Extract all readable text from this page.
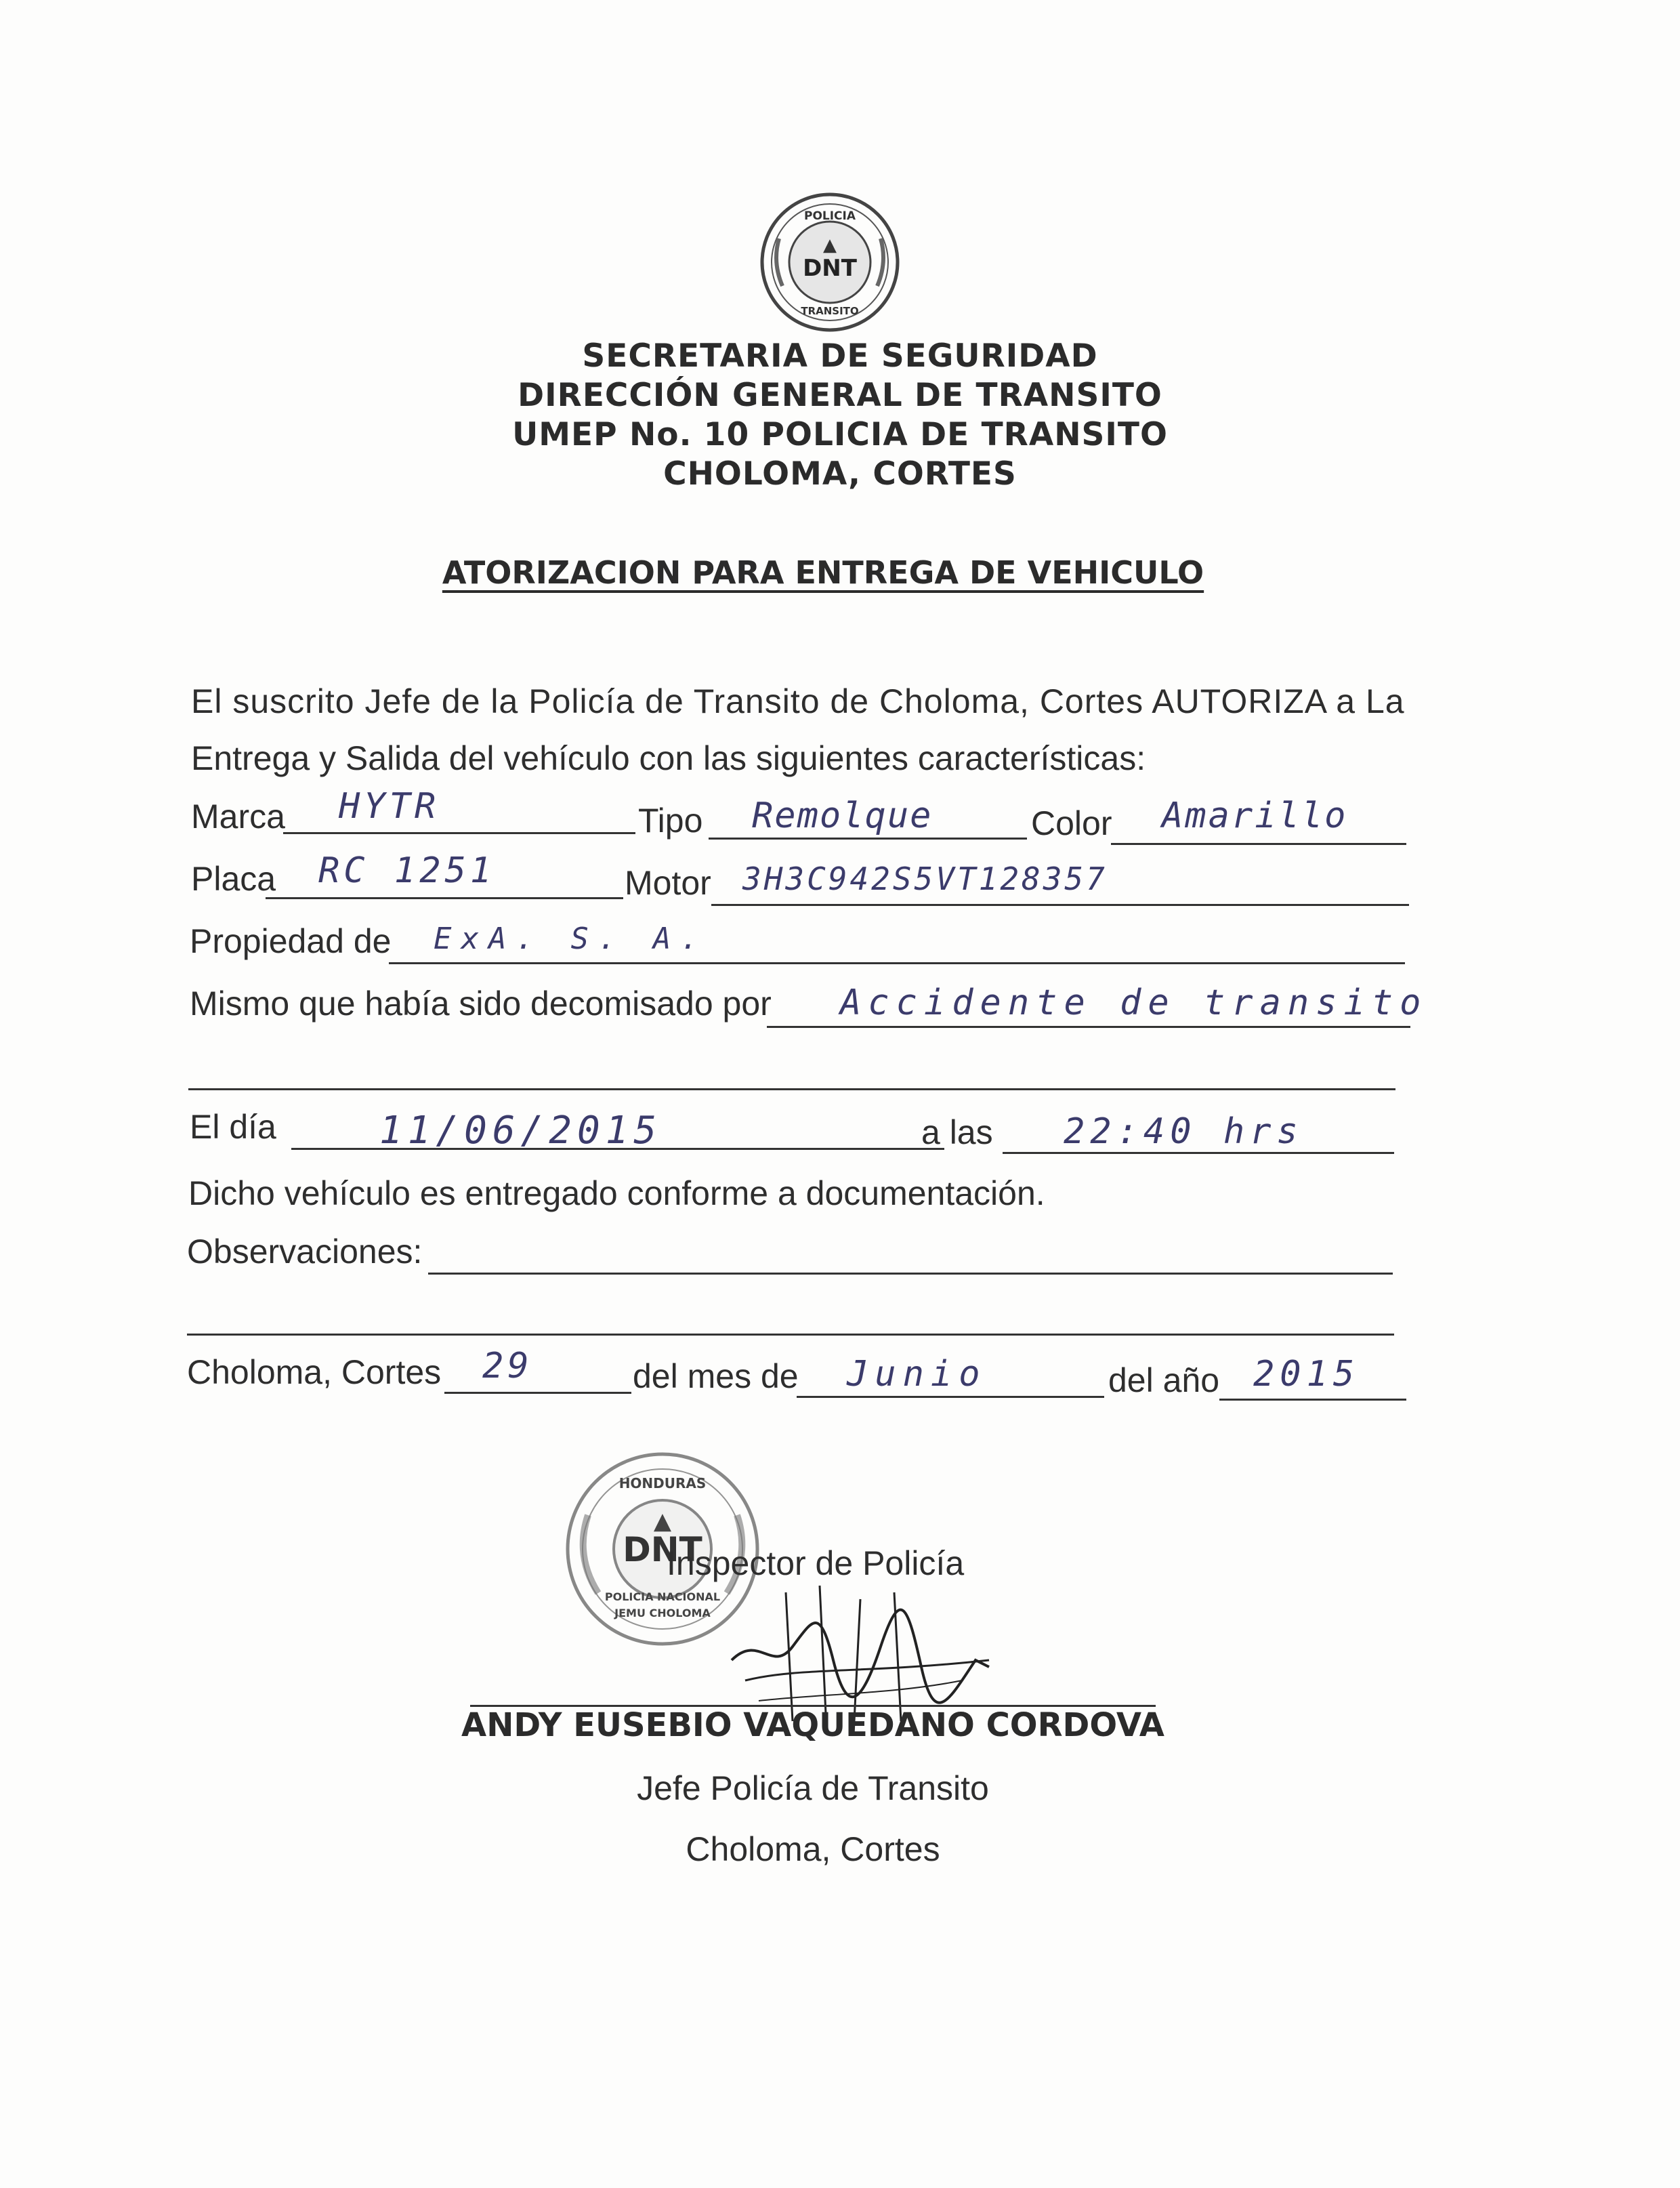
POLICIA
▲
DNT
TRANSITO
SECRETARIA DE SEGURIDAD
DIRECCIÓN GENERAL DE TRANSITO
UMEP No. 10 POLICIA DE TRANSITO
CHOLOMA, CORTES
ATORIZACION PARA ENTREGA DE VEHICULO
El suscrito Jefe de la Policía de Transito de Choloma, Cortes AUTORIZA a La
Entrega y Salida del vehículo con las siguientes características:
Marca HYTR	Tipo Remolque	Color Amarillo
Placa RC 1251	Motor 3H3C942S5VT128357
Propiedad de ExA. S. A.
Mismo que había sido decomisado por Accidente de transito
El día	11/06/2015	a las 22:40 hrs
Dicho vehículo es entregado conforme a documentación.
Observaciones:
Choloma, Cortes 29	del mes de Junio	del año 2015
HONDURAS
▲
DNT
POLICIA NACIONAL
JEMU CHOLOMA
Inspector de Policía
ANDY EUSEBIO VAQUEDANO CORDOVA
Jefe Policía de Transito
Choloma, Cortes
